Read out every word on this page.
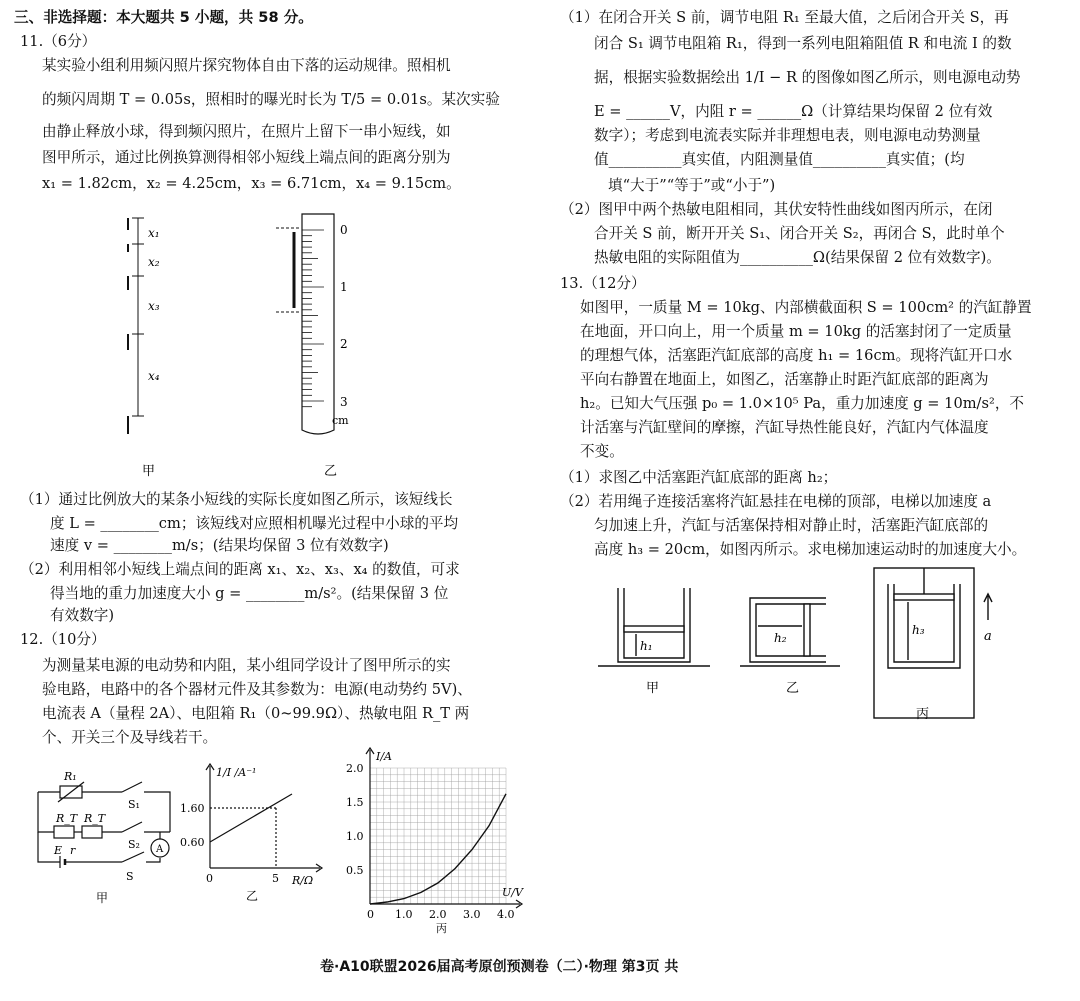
三、非选择题：本大题共 5 小题，共 58 分。
11.（6分）
某实验小组利用频闪照片探究物体自由下落的运动规律。照相机
的频闪周期 T = 0.05s，照相时的曝光时长为 T/5 = 0.01s。某次实验
由静止释放小球，得到频闪照片，在照片上留下一串小短线，如
图甲所示，通过比例换算测得相邻小短线上端点间的距离分别为
x₁ = 1.82cm，x₂ = 4.25cm，x₃ = 6.71cm，x₄ = 9.15cm。
x₁
x₂
x₃
x₄
甲
0
1
2
3
cm
乙
（1）通过比例放大的某条小短线的实际长度如图乙所示，该短线长
度 L = ________cm；该短线对应照相机曝光过程中小球的平均
速度 v = ________m/s；(结果均保留 3 位有效数字)
（2）利用相邻小短线上端点间的距离 x₁、x₂、x₃、x₄ 的数值，可求
得当地的重力加速度大小 g = ________m/s²。(结果保留 3 位
有效数字)
12.（10分）
为测量某电源的电动势和内阻，某小组同学设计了图甲所示的实
验电路，电路中的各个器材元件及其参数为：电源(电动势约 5V)、
电流表 A（量程 2A）、电阻箱 R₁（0~99.9Ω）、热敏电阻 R_T 两
个、开关三个及导线若干。
R₁
S₁
R_T R_T
S₂ A
E r
S
甲
1/I /A⁻¹
1.60
0.60
0	5 R/Ω
乙
I/A
U/V
0 1.0 2.0 3.0 4.0
0.5
1.0
1.5
2.0
丙
（1）在闭合开关 S 前，调节电阻 R₁ 至最大值，之后闭合开关 S，再
闭合 S₁ 调节电阻箱 R₁，得到一系列电阻箱阻值 R 和电流 I 的数
据，根据实验数据绘出 1/I − R 的图像如图乙所示，则电源电动势
E = ______V，内阻 r = ______Ω（计算结果均保留 2 位有效
数字）；考虑到电流表实际并非理想电表，则电源电动势测量
值__________真实值，内阻测量值__________真实值；(均
填“大于”“等于”或“小于”)
（2）图甲中两个热敏电阻相同，其伏安特性曲线如图丙所示，在闭
合开关 S 前，断开开关 S₁、闭合开关 S₂，再闭合 S，此时单个
热敏电阻的实际阻值为__________Ω(结果保留 2 位有效数字)。
13.（12分）
如图甲，一质量 M = 10kg、内部横截面积 S = 100cm² 的汽缸静置
在地面，开口向上，用一个质量 m = 10kg 的活塞封闭了一定质量
的理想气体，活塞距汽缸底部的高度 h₁ = 16cm。现将汽缸开口水
平向右静置在地面上，如图乙，活塞静止时距汽缸底部的距离为
h₂。已知大气压强 p₀ = 1.0×10⁵ Pa，重力加速度 g = 10m/s²，不
计活塞与汽缸壁间的摩擦，汽缸导热性能良好，汽缸内气体温度
不变。
（1）求图乙中活塞距汽缸底部的距离 h₂；
（2）若用绳子连接活塞将汽缸悬挂在电梯的顶部，电梯以加速度 a
匀加速上升，汽缸与活塞保持相对静止时，活塞距汽缸底部的
高度 h₃ = 20cm，如图丙所示。求电梯加速运动时的加速度大小。
h₁
h₂
h₃	a
甲	乙
丙
卷·A10联盟2026届高考原创预测卷（二）·物理 第3页 共
